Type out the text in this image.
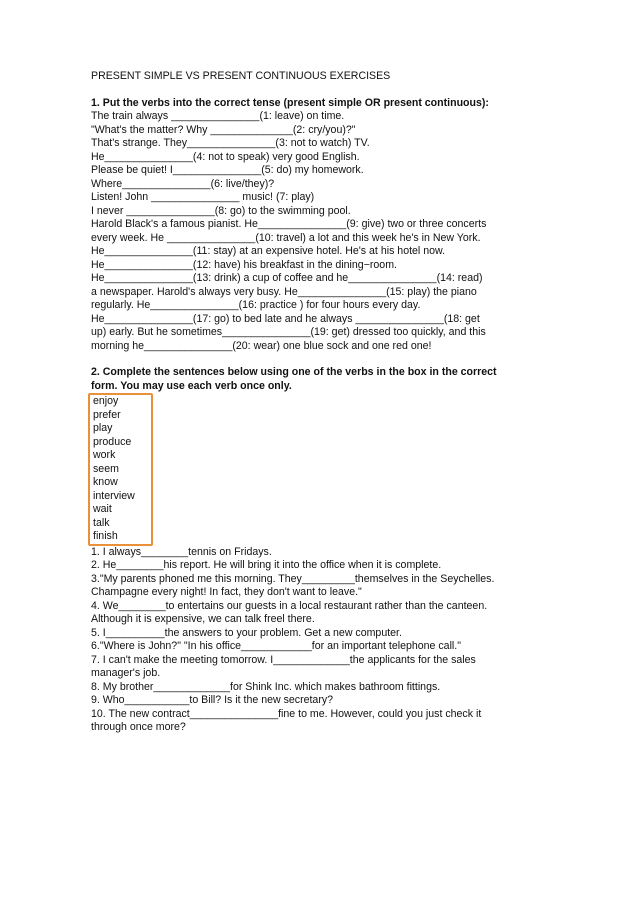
PRESENT SIMPLE VS PRESENT CONTINUOUS EXERCISES

1. Put the verbs into the correct tense (present simple OR present continuous):

The train always _______________(1: leave) on time.

"What's the matter? Why ______________(2: cry/you)?"

That's strange. They_______________(3: not to watch) TV.

He_______________(4: not to speak) very good English.

Please be quiet! I_______________(5: do) my homework.

Where_______________(6: live/they)?

Listen! John _______________ music! (7: play)

I never _______________(8: go) to the swimming pool.

Harold Black's a famous pianist. He_______________(9: give) two or three concerts

every week. He _______________(10: travel) a lot and this week he's in New York.

He_______________(11: stay) at an expensive hotel. He's at his hotel now.

He_______________(12: have) his breakfast in the dining−room.

He_______________(13: drink) a cup of coffee and he_______________(14: read)

a newspaper. Harold's always very busy. He_______________(15: play) the piano

regularly. He_______________(16: practice ) for four hours every day.

He_______________(17: go) to bed late and he always _______________(18: get

up) early. But he sometimes_______________(19: get) dressed too quickly, and this

morning he_______________(20: wear) one blue sock and one red one!

2. Complete the sentences below using one of the verbs in the box in the correct

form. You may use each verb once only.

enjoy

prefer

play

produce

work

seem

know

interview

wait

talk

finish

1. I always________tennis on Fridays.

2. He________his report. He will bring it into the office when it is complete.

3."My parents phoned me this morning. They_________themselves in the Seychelles.

Champagne every night! In fact, they don't want to leave."

4. We________to entertains our guests in a local restaurant rather than the canteen.

Although it is expensive, we can talk freel there.

5. I__________the answers to your problem. Get a new computer.

6."Where is John?" "In his office____________for an important telephone call."

7. I can't make the meeting tomorrow. I_____________the applicants for the sales

manager's job.

8. My brother_____________for Shink Inc. which makes bathroom fittings.

9. Who___________to Bill? Is it the new secretary?

10. The new contract_______________fine to me. However, could you just check it

through once more?
